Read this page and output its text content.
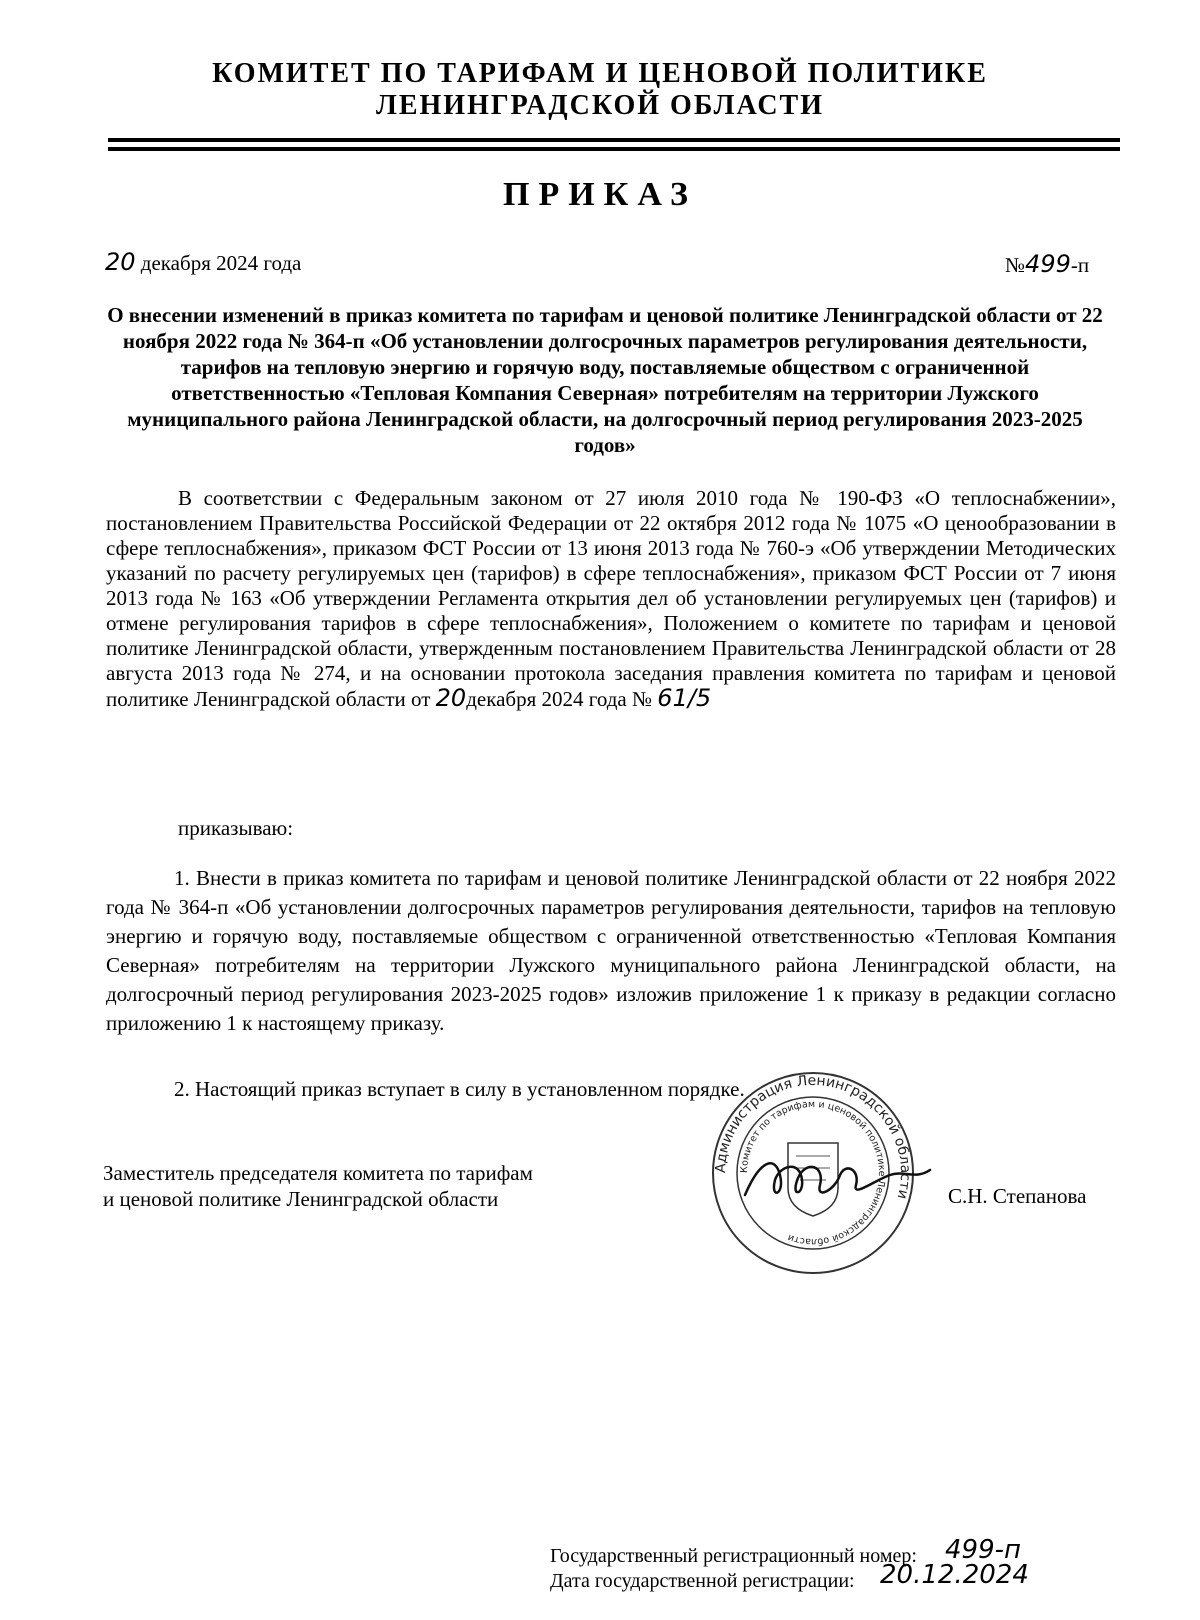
КОМИТЕТ ПО ТАРИФАМ И ЦЕНОВОЙ ПОЛИТИКЕ
ЛЕНИНГРАДСКОЙ ОБЛАСТИ
ПРИКАЗ
20 декабря 2024 года	№499-п
О внесении изменений в приказ комитета по тарифам и ценовой политике Ленинградской области от 22 ноября 2022 года № 364-п «Об установлении долгосрочных параметров регулирования деятельности, тарифов на тепловую энергию и горячую воду, поставляемые обществом с ограниченной ответственностью «Тепловая Компания Северная» потребителям на территории Лужского муниципального района Ленинградской области, на долгосрочный период регулирования 2023-2025 годов»
В соответствии с Федеральным законом от 27 июля 2010 года № 190-ФЗ «О теплоснабжении», постановлением Правительства Российской Федерации от 22 октября 2012 года № 1075 «О ценообразовании в сфере теплоснабжения», приказом ФСТ России от 13 июня 2013 года № 760-э «Об утверждении Методических указаний по расчету регулируемых цен (тарифов) в сфере теплоснабжения», приказом ФСТ России от 7 июня 2013 года № 163 «Об утверждении Регламента открытия дел об установлении регулируемых цен (тарифов) и отмене регулирования тарифов в сфере теплоснабжения», Положением о комитете по тарифам и ценовой политике Ленинградской области, утвержденным постановлением Правительства Ленинградской области от 28 августа 2013 года № 274, и на основании протокола заседания правления комитета по тарифам и ценовой политике Ленинградской области от 20декабря 2024 года № 61/5
приказываю:
1. Внести в приказ комитета по тарифам и ценовой политике Ленинградской области от 22 ноября 2022 года № 364-п «Об установлении долгосрочных параметров регулирования деятельности, тарифов на тепловую энергию и горячую воду, поставляемые обществом с ограниченной ответственностью «Тепловая Компания Северная» потребителям на территории Лужского муниципального района Ленинградской области, на долгосрочный период регулирования 2023-2025 годов» изложив приложение 1 к приказу в редакции согласно приложению 1 к настоящему приказу.
2. Настоящий приказ вступает в силу в установленном порядке.
Заместитель председателя комитета по тарифам
и ценовой политике Ленинградской области
Администрация Ленинградской области
Комитет по тарифам и ценовой политике Ленинградской области
С.Н. Степанова
Государственный регистрационный номер: 499-п
Дата государственной регистрации: 20.12.2024
